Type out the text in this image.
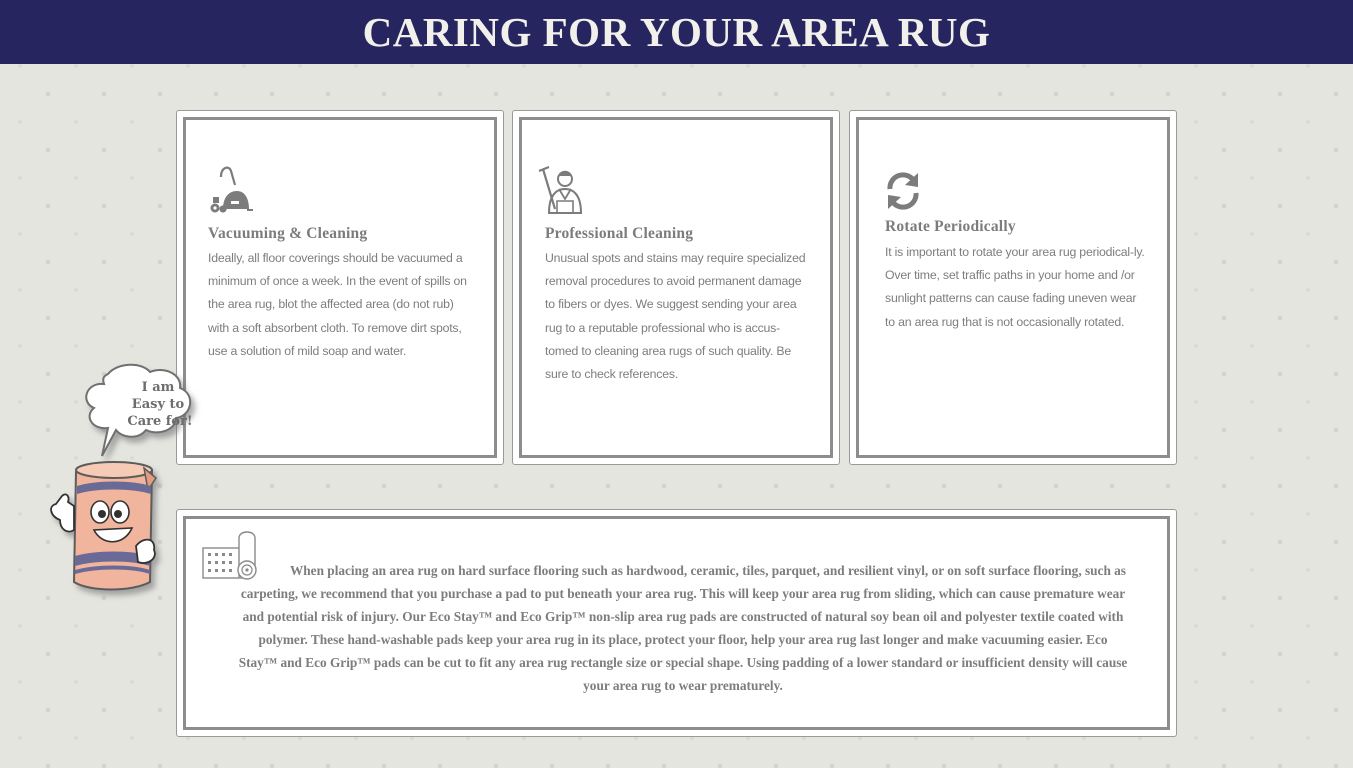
CARING FOR YOUR AREA RUG
Vacuuming & Cleaning
Ideally, all floor coverings should be vacuumed a minimum of once a week. In the event of spills on the area rug, blot the affected area (do not rub) with a soft absorbent cloth. To remove dirt spots, use a solution of mild soap and water.
Professional Cleaning
Unusual spots and stains may require specialized removal procedures to avoid permanent damage to fibers or dyes. We suggest sending your area rug to a reputable professional who is accus-tomed to cleaning area rugs of such quality. Be sure to check references.
Rotate Periodically
It is important to rotate your area rug periodical-ly. Over time, set traffic paths in your home and /or sunlight patterns can cause fading uneven wear to an area rug that is not occasionally rotated.
When placing an area rug on hard surface flooring such as hardwood, ceramic, tiles, parquet, and resilient vinyl, or on soft surface flooring, such as carpeting, we recommend that you purchase a pad to put beneath your area rug. This will keep your area rug from sliding, which can cause premature wear and potential risk of injury. Our Eco Stay™ and Eco Grip™ non-slip area rug pads are constructed of natural soy bean oil and polyester textile coated with polymer. These hand-washable pads keep your area rug in its place, protect your floor, help your area rug last longer and make vacuuming easier. Eco Stay™ and Eco Grip™ pads can be cut to fit any area rug rectangle size or special shape. Using padding of a lower standard or insufficient density will cause your area rug to wear prematurely.
I am
Easy to
Care for!
